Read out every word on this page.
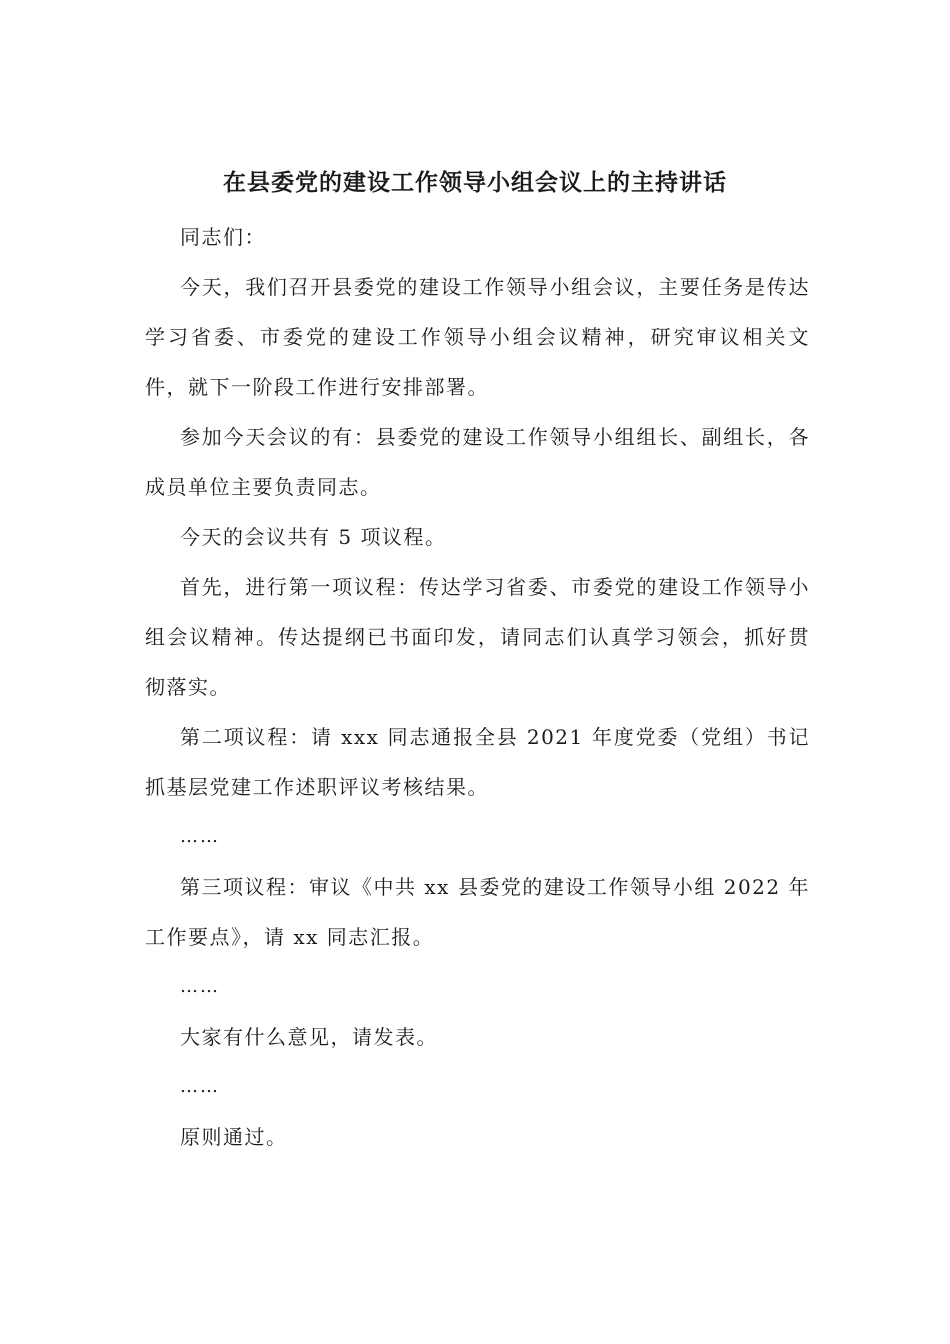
在县委党的建设工作领导小组会议上的主持讲话

同志们：

今天，我们召开县委党的建设工作领导小组会议，主要任务是传达学习省委、市委党的建设工作领导小组会议精神，研究审议相关文件，就下一阶段工作进行安排部署。

参加今天会议的有：县委党的建设工作领导小组组长、副组长，各成员单位主要负责同志。

今天的会议共有 5 项议程。

首先，进行第一项议程：传达学习省委、市委党的建设工作领导小组会议精神。传达提纲已书面印发，请同志们认真学习领会，抓好贯彻落实。

第二项议程：请 xxx 同志通报全县 2021 年度党委（党组）书记抓基层党建工作述职评议考核结果。

……

第三项议程：审议《中共 xx 县委党的建设工作领导小组 2022 年工作要点》，请 xx 同志汇报。

……

大家有什么意见，请发表。

……

原则通过。
